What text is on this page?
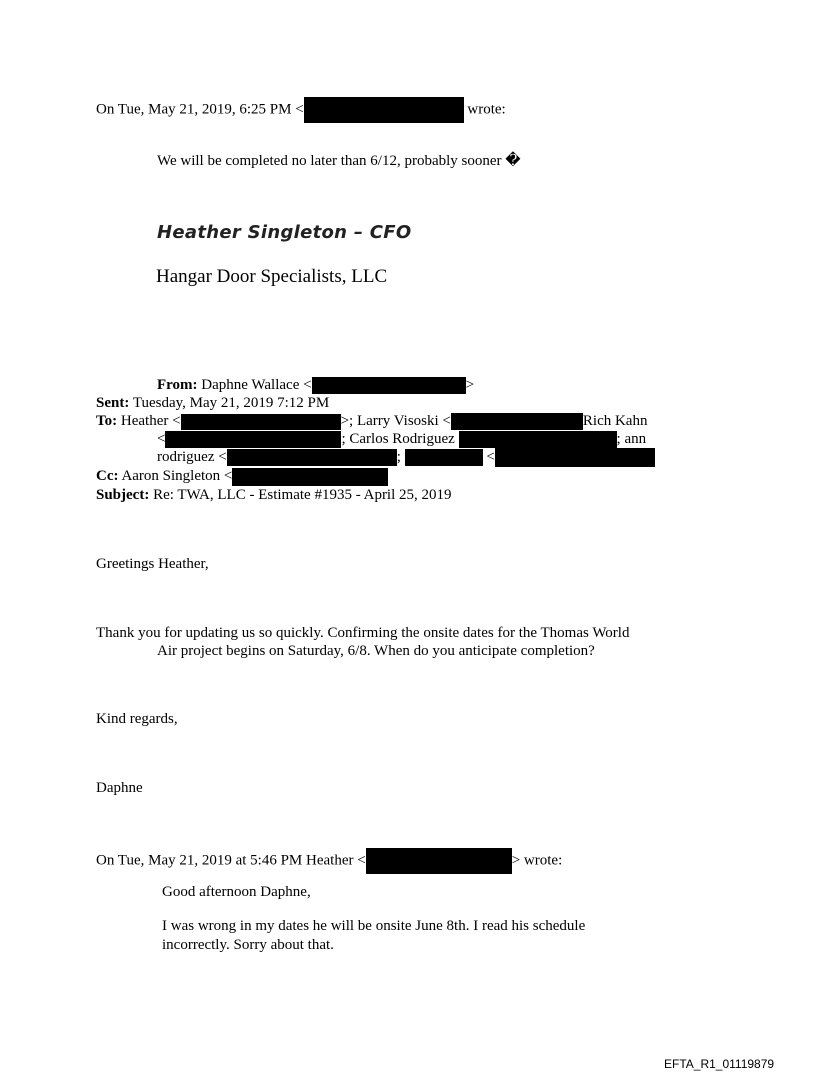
On Tue, May 21, 2019, 6:25 PM <	wrote:
We will be completed no later than 6/12, probably sooner �
Heather Singleton – CFO
Hangar Door Specialists, LLC
From: Daphne Wallace <	>
Sent: Tuesday, May 21, 2019 7:12 PM
To: Heather <	>; Larry Visoski <	Rich Kahn
<	; Carlos Rodriguez	; ann
rodriguez <	;	<
Cc: Aaron Singleton <
Subject: Re: TWA, LLC - Estimate #1935 - April 25, 2019
Greetings Heather,
Thank you for updating us so quickly. Confirming the onsite dates for the Thomas World
Air project begins on Saturday, 6/8. When do you anticipate completion?
Kind regards,
Daphne
On Tue, May 21, 2019 at 5:46 PM Heather <	> wrote:
Good afternoon Daphne,
I was wrong in my dates he will be onsite June 8th. I read his schedule
incorrectly. Sorry about that.
EFTA_R1_01119879
